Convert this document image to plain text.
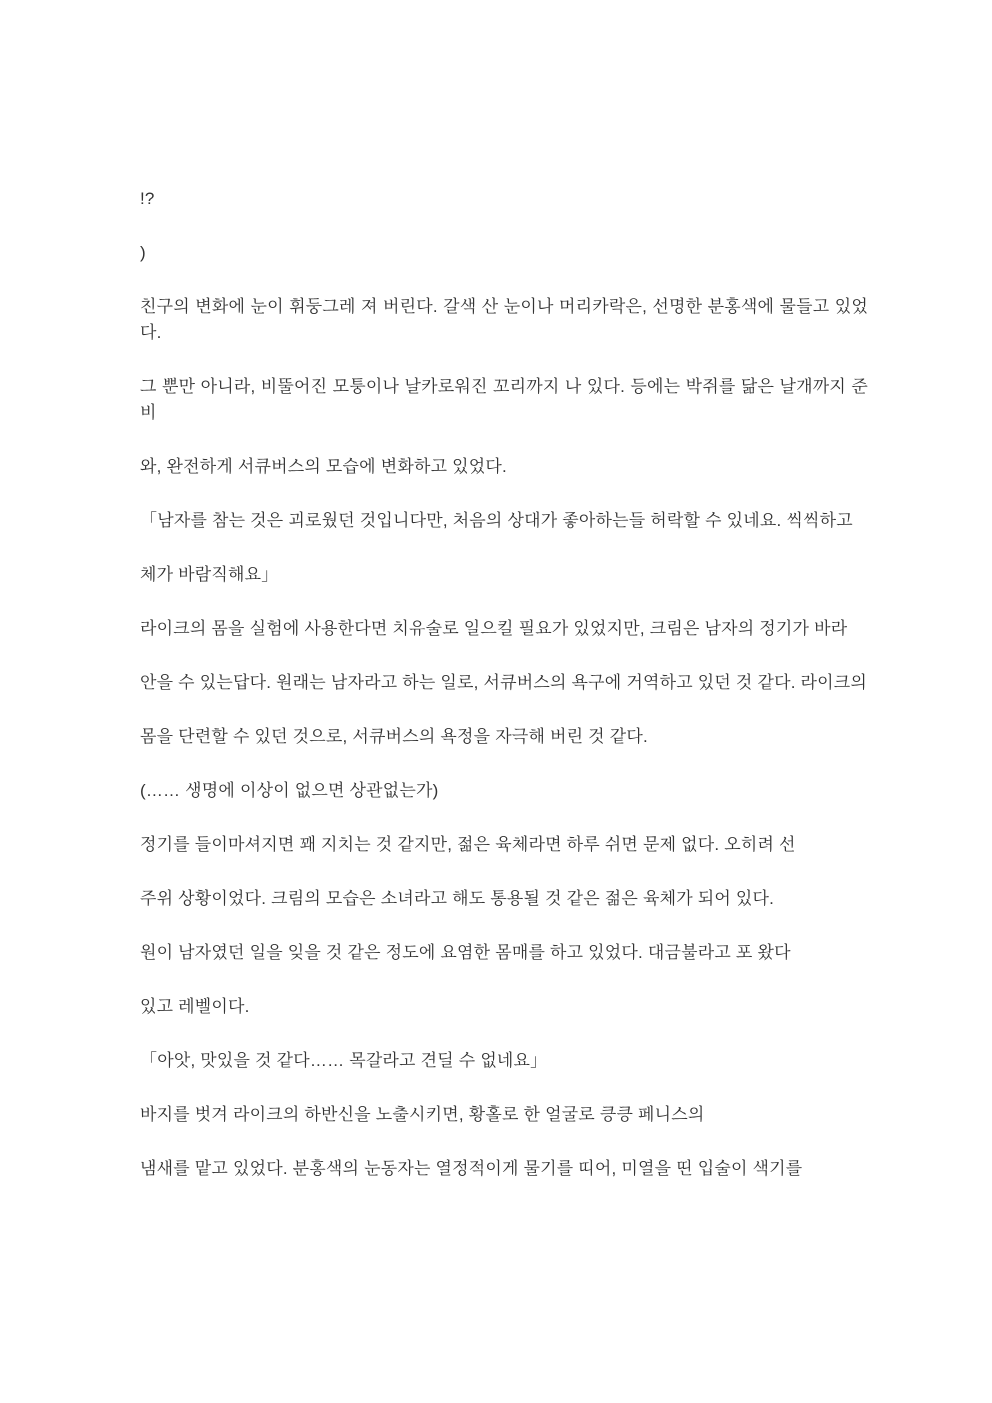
!?

)

친구의 변화에 눈이 휘둥그레 져 버린다. 갈색 산 눈이나 머리카락은, 선명한 분홍색에 물들고 있었다.

그 뿐만 아니라, 비뚤어진 모퉁이나 날카로워진 꼬리까지 나 있다. 등에는 박쥐를 닮은 날개까지 준비

와, 완전하게 서큐버스의 모습에 변화하고 있었다.

「남자를 참는 것은 괴로웠던 것입니다만, 처음의 상대가 좋아하는들 허락할 수 있네요. 씩씩하고

체가 바람직해요」

라이크의 몸을 실험에 사용한다면 치유술로 일으킬 필요가 있었지만, 크림은 남자의 정기가 바라

안을 수 있는답다. 원래는 남자라고 하는 일로, 서큐버스의 욕구에 거역하고 있던 것 같다. 라이크의

몸을 단련할 수 있던 것으로, 서큐버스의 욕정을 자극해 버린 것 같다.

(…… 생명에 이상이 없으면 상관없는가)

정기를 들이마셔지면 꽤 지치는 것 같지만, 젊은 육체라면 하루 쉬면 문제 없다. 오히려 선

주위 상황이었다. 크림의 모습은 소녀라고 해도 통용될 것 같은 젊은 육체가 되어 있다.

원이 남자였던 일을 잊을 것 같은 정도에 요염한 몸매를 하고 있었다. 대금불라고 포 왔다

있고 레벨이다.

「아앗, 맛있을 것 같다…… 목갈라고 견딜 수 없네요」

바지를 벗겨 라이크의 하반신을 노출시키면, 황홀로 한 얼굴로 킁킁 페니스의

냄새를 맡고 있었다. 분홍색의 눈동자는 열정적이게 물기를 띠어, 미열을 띤 입술이 색기를
